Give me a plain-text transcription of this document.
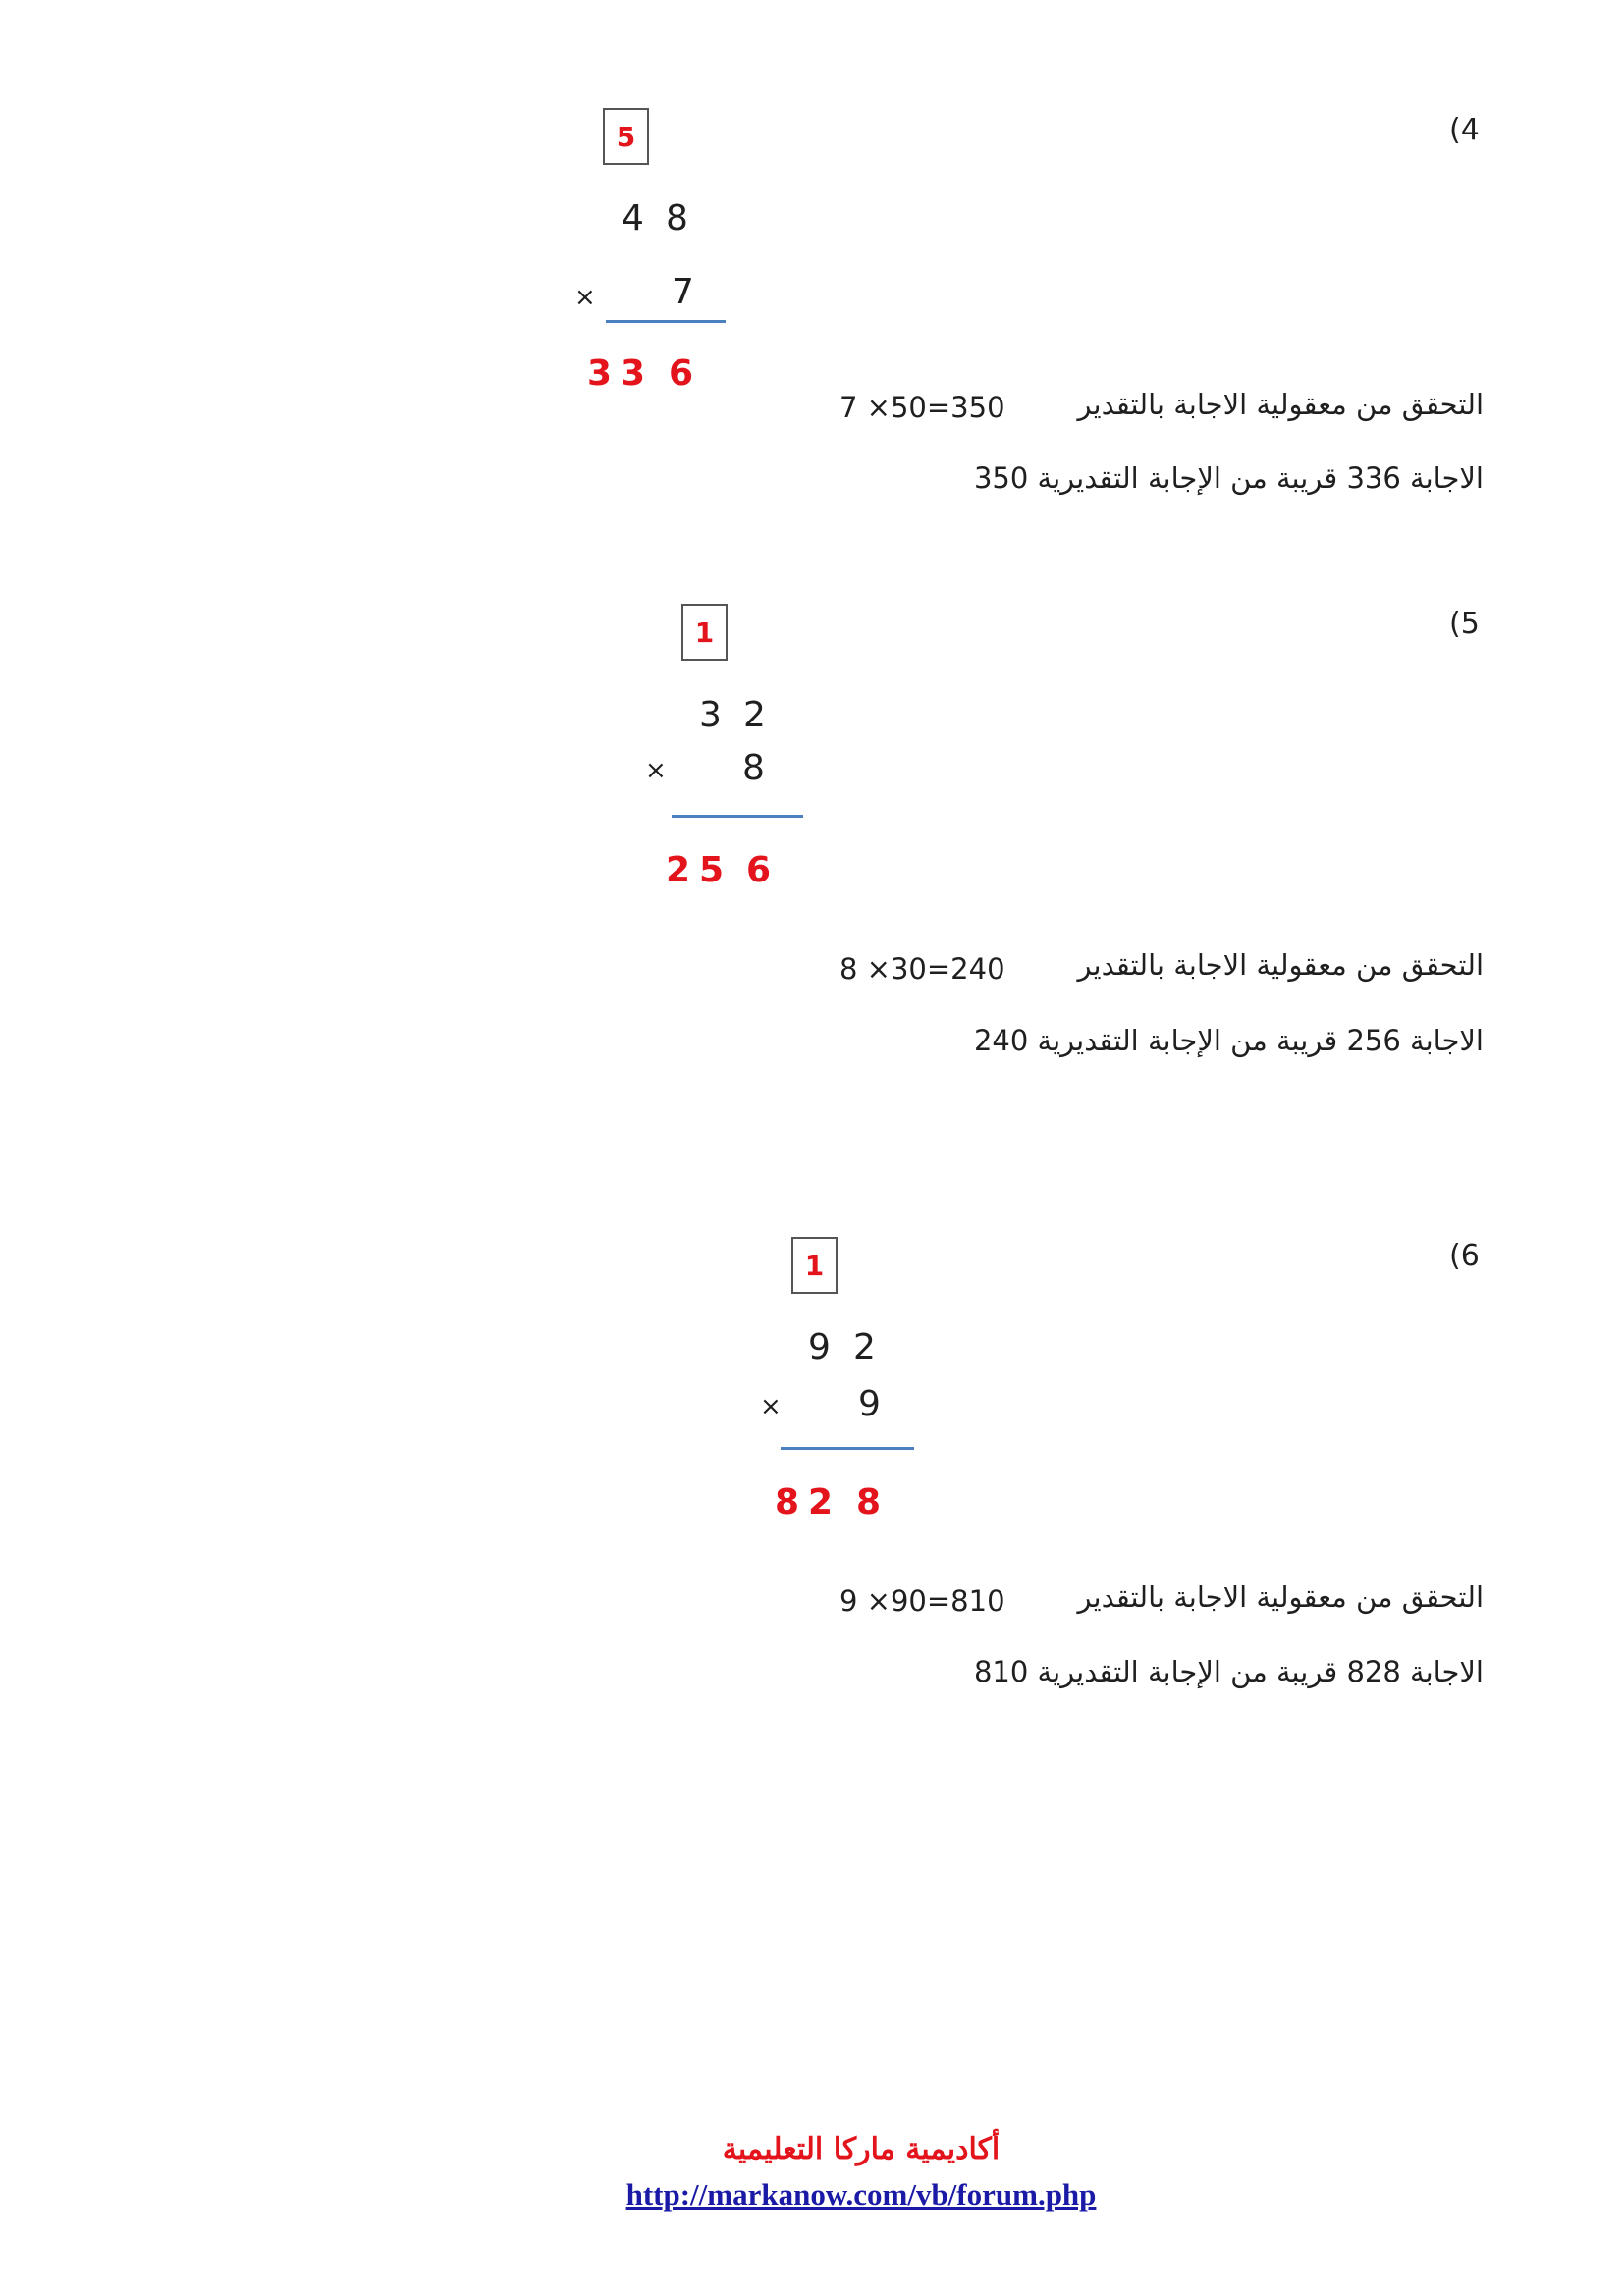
(4
5
4 8
× 7
3 3 6
التحقق من معقولية الاجابة بالتقدير
7 ×50=350
الاجابة 336 قريبة من الإجابة التقديرية 350
(5
1
3 2
× 8
2 5 6
التحقق من معقولية الاجابة بالتقدير
8 ×30=240
الاجابة 256 قريبة من الإجابة التقديرية 240
(6
1
9 2
× 9
8 2 8
التحقق من معقولية الاجابة بالتقدير
9 ×90=810
الاجابة 828 قريبة من الإجابة التقديرية 810
أكاديمية ماركا التعليمية
http://markanow.com/vb/forum.php
